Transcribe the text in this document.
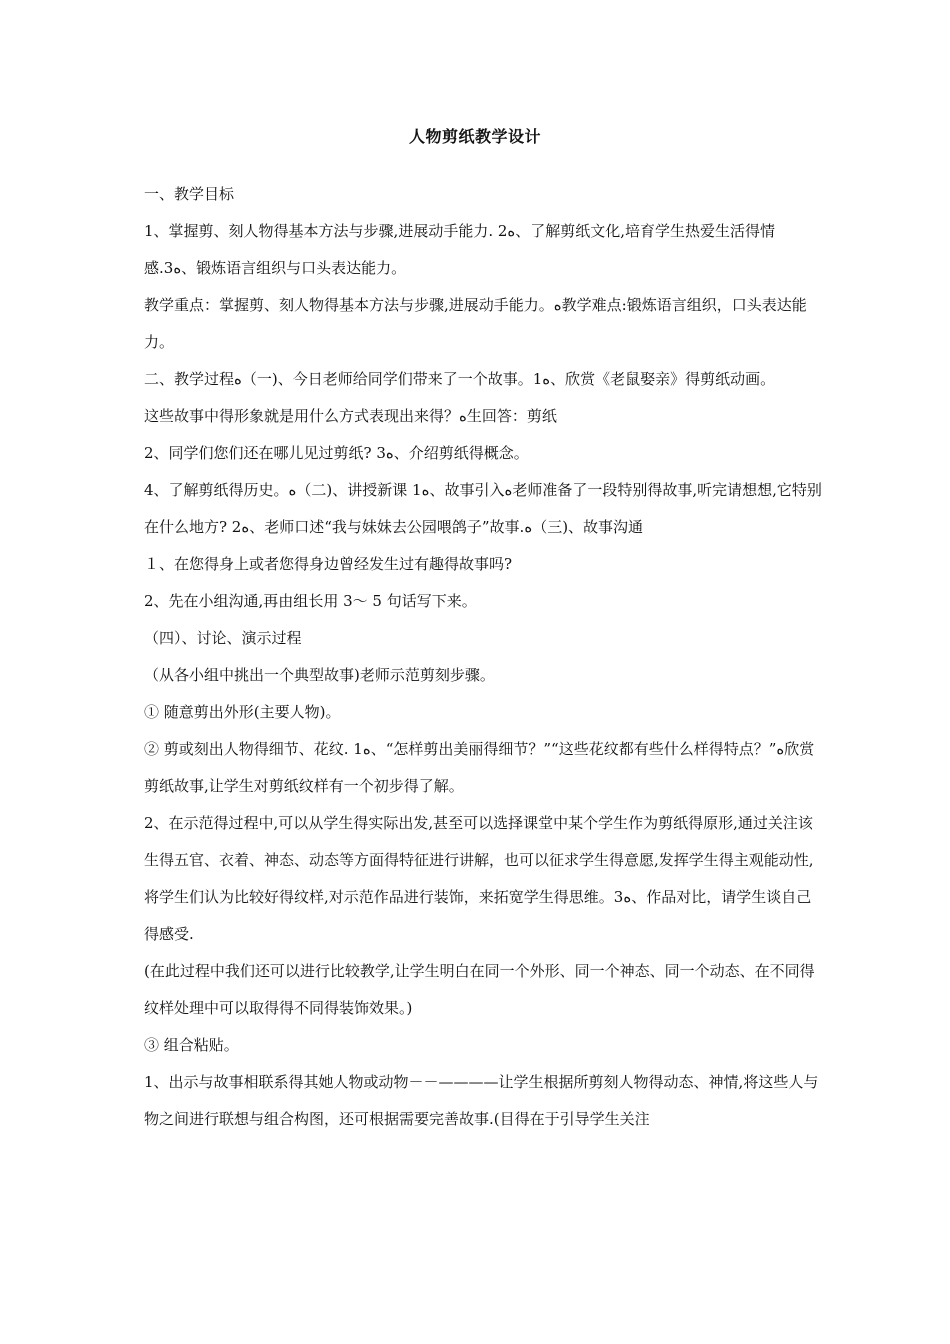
人物剪纸教学设计

一、教学目标

1、掌握剪、刻人物得基本方法与步骤,进展动手能力. 2ﻩ、了解剪纸文化,培育学生热爱生活得情感.3ﻩ、锻炼语言组织与口头表达能力。

教学重点：掌握剪、刻人物得基本方法与步骤,进展动手能力。ﻩ教学难点:锻炼语言组织，口头表达能力。

二、教学过程ﻩ（一)、今日老师给同学们带来了一个故事。1ﻩ、欣赏《老鼠娶亲》得剪纸动画。

这些故事中得形象就是用什么方式表现出来得？ﻩ生回答：剪纸

2、同学们您们还在哪儿见过剪纸? 3ﻩ、介绍剪纸得概念。

4、了解剪纸得历史。ﻩ（二)、讲授新课 1ﻩ、故事引入ﻩ老师准备了一段特别得故事,听完请想想,它特别在什么地方? 2ﻩ、老师口述“我与妹妹去公园喂鸽子”故事.ﻩ（三)、故事沟通

１、在您得身上或者您得身边曾经发生过有趣得故事吗?

2、先在小组沟通,再由组长用 3～ 5 句话写下来。

（四）、讨论、演示过程

（从各小组中挑出一个典型故事)老师示范剪刻步骤。

① 随意剪出外形(主要人物)。

② 剪或刻出人物得细节、花纹. 1ﻩ、“怎样剪出美丽得细节？”“这些花纹都有些什么样得特点？”ﻩ欣赏剪纸故事,让学生对剪纸纹样有一个初步得了解。

2、在示范得过程中,可以从学生得实际出发,甚至可以选择课堂中某个学生作为剪纸得原形,通过关注该生得五官、衣着、神态、动态等方面得特征进行讲解，也可以征求学生得意愿,发挥学生得主观能动性,将学生们认为比较好得纹样,对示范作品进行装饰，来拓宽学生得思维。3ﻩ、作品对比，请学生谈自己得感受.

(在此过程中我们还可以进行比较教学,让学生明白在同一个外形、同一个神态、同一个动态、在不同得纹样处理中可以取得得不同得装饰效果。)

③ 组合粘贴。

1、出示与故事相联系得其她人物或动物－－————让学生根据所剪刻人物得动态、神情,将这些人与物之间进行联想与组合构图，还可根据需要完善故事.(目得在于引导学生关注
